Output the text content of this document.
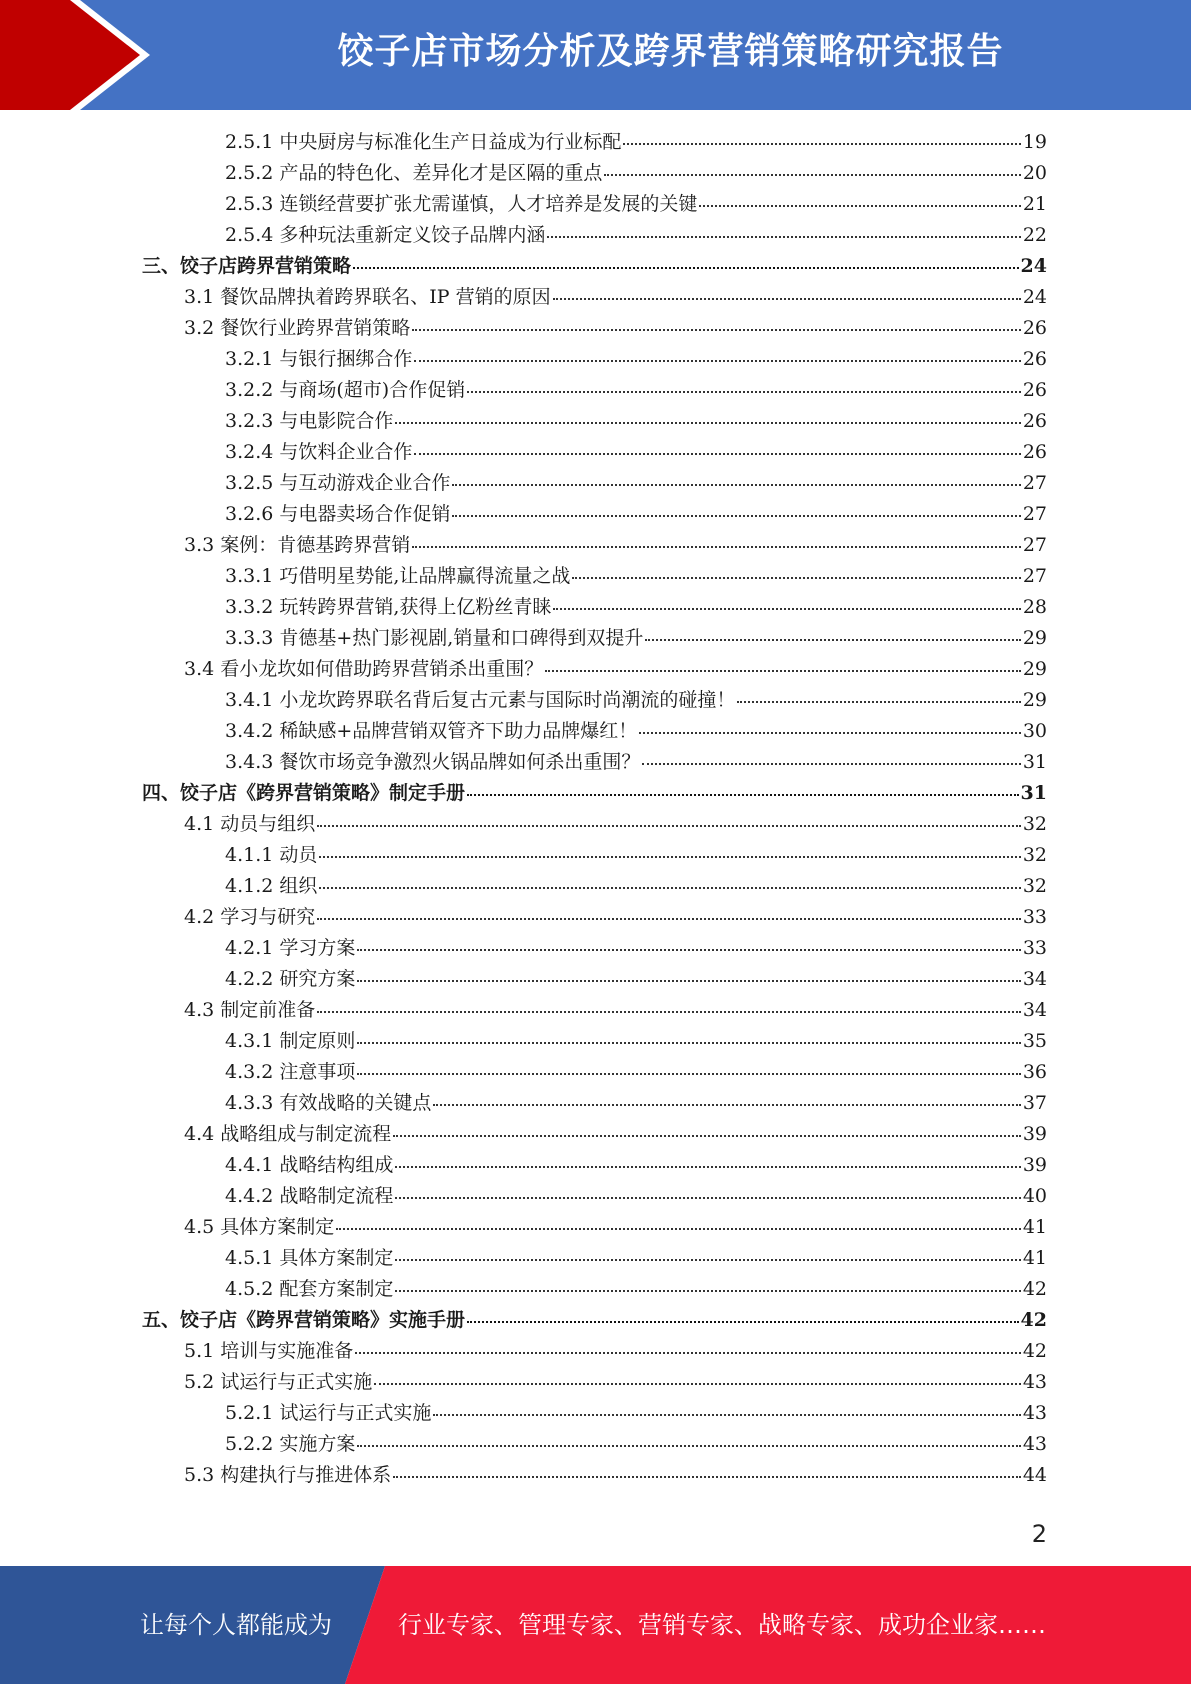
饺子店市场分析及跨界营销策略研究报告
2.5.1 中央厨房与标准化生产日益成为行业标配	19
2.5.2 产品的特色化、差异化才是区隔的重点	20
2.5.3 连锁经营要扩张尤需谨慎，人才培养是发展的关键	21
2.5.4 多种玩法重新定义饺子品牌内涵	22
三、饺子店跨界营销策略	24
3.1 餐饮品牌执着跨界联名、IP 营销的原因	24
3.2 餐饮行业跨界营销策略	26
3.2.1 与银行捆绑合作	26
3.2.2 与商场(超市)合作促销	26
3.2.3 与电影院合作	26
3.2.4 与饮料企业合作	26
3.2.5 与互动游戏企业合作	27
3.2.6 与电器卖场合作促销	27
3.3 案例：肯德基跨界营销	27
3.3.1 巧借明星势能,让品牌赢得流量之战	27
3.3.2 玩转跨界营销,获得上亿粉丝青睐	28
3.3.3 肯德基+热门影视剧,销量和口碑得到双提升	29
3.4 看小龙坎如何借助跨界营销杀出重围？	29
3.4.1 小龙坎跨界联名背后复古元素与国际时尚潮流的碰撞！	29
3.4.2 稀缺感+品牌营销双管齐下助力品牌爆红！	30
3.4.3 餐饮市场竞争激烈火锅品牌如何杀出重围？	31
四、饺子店《跨界营销策略》制定手册	31
4.1 动员与组织	32
4.1.1 动员	32
4.1.2 组织	32
4.2 学习与研究	33
4.2.1 学习方案	33
4.2.2 研究方案	34
4.3 制定前准备	34
4.3.1 制定原则	35
4.3.2 注意事项	36
4.3.3 有效战略的关键点	37
4.4 战略组成与制定流程	39
4.4.1 战略结构组成	39
4.4.2 战略制定流程	40
4.5 具体方案制定	41
4.5.1 具体方案制定	41
4.5.2 配套方案制定	42
五、饺子店《跨界营销策略》实施手册	42
5.1 培训与实施准备	42
5.2 试运行与正式实施	43
5.2.1 试运行与正式实施	43
5.2.2 实施方案	43
5.3 构建执行与推进体系	44
2
让每个人都能成为	行业专家、管理专家、营销专家、战略专家、成功企业家……
